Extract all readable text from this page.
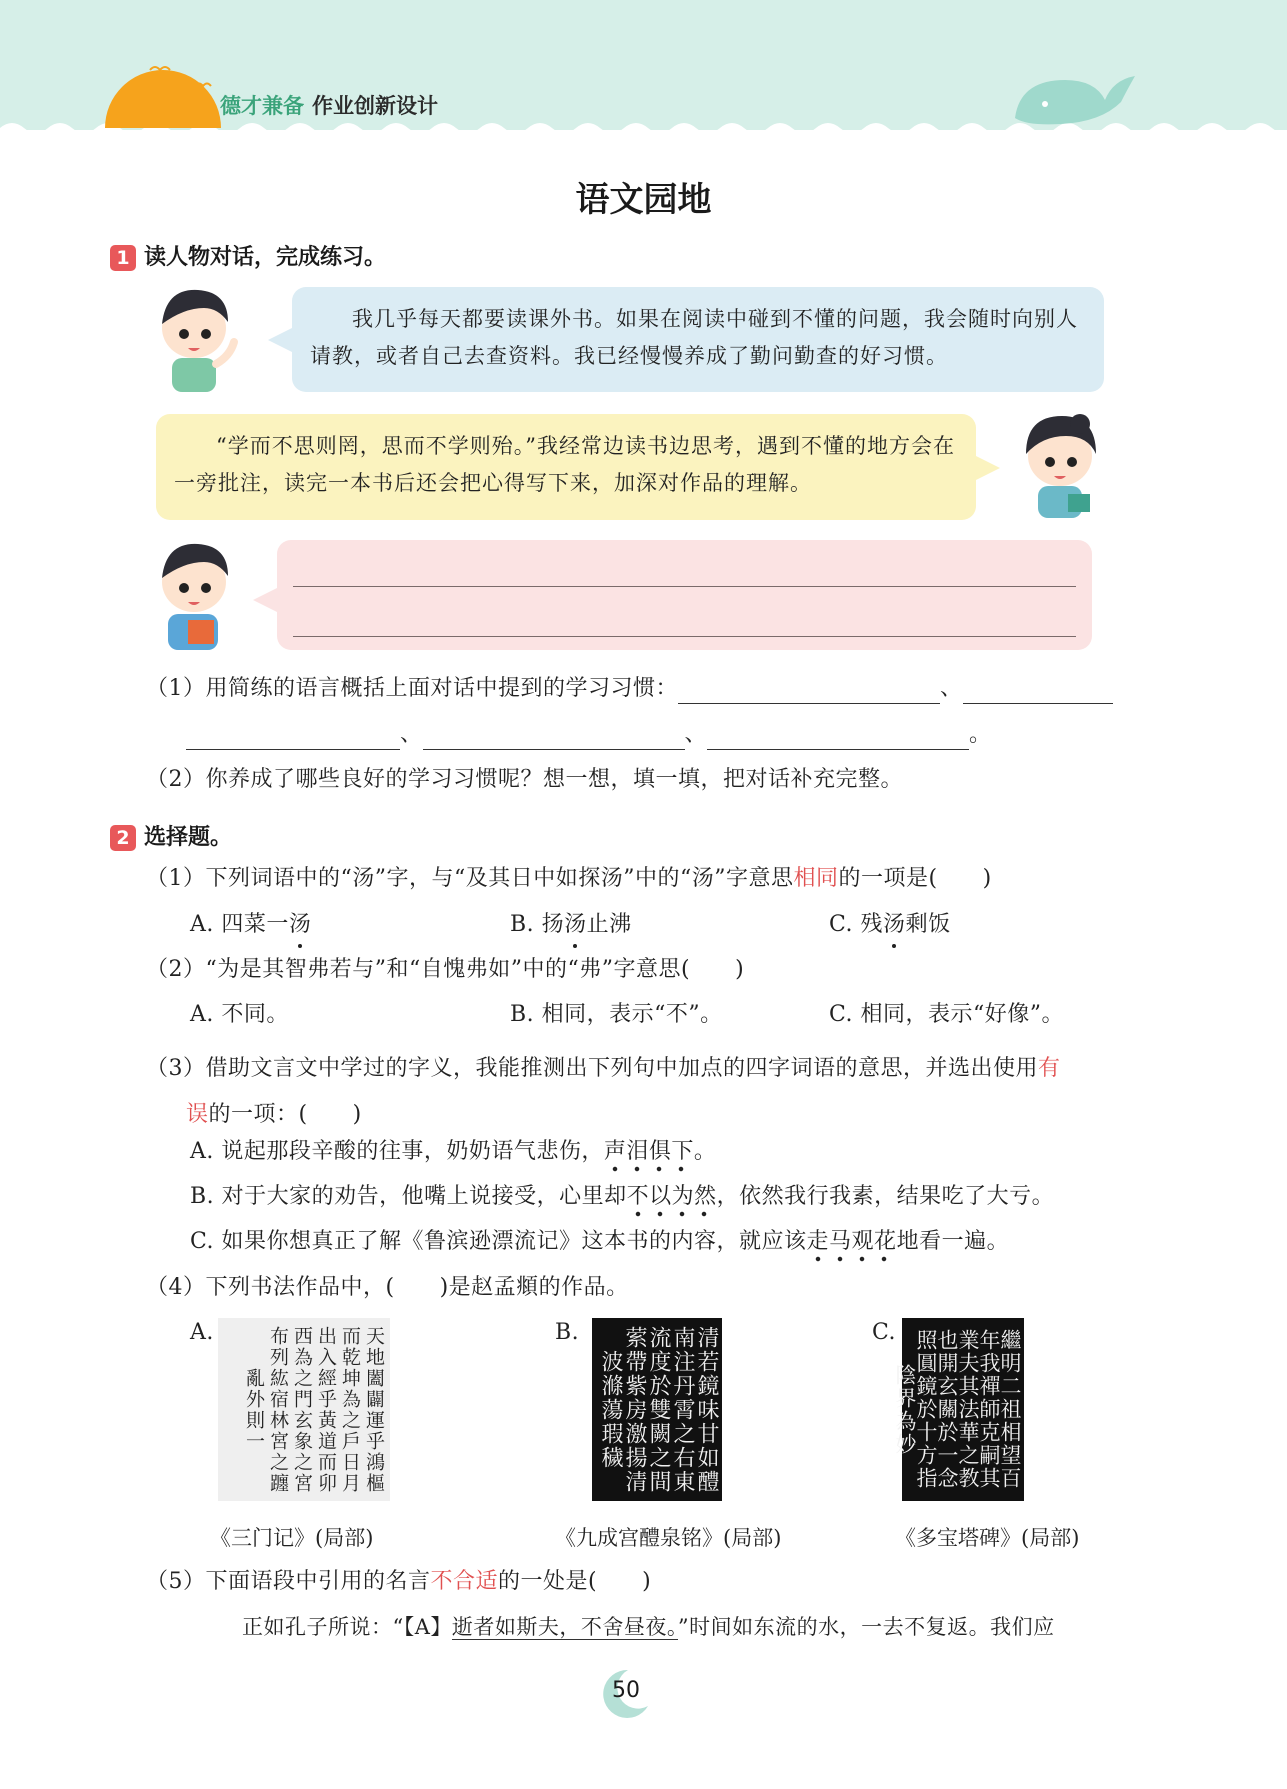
德才兼备 作业创新设计
语文园地
1 读人物对话，完成练习。
我几乎每天都要读课外书。如果在阅读中碰到不懂的问题，我会随时向别人请教，或者自己去查资料。我已经慢慢养成了勤问勤查的好习惯。
“学而不思则罔，思而不学则殆。”我经常边读书边思考，遇到不懂的地方会在一旁批注，读完一本书后还会把心得写下来，加深对作品的理解。
（1）用简练的语言概括上面对话中提到的学习习惯：	、
、	、	。
（2）你养成了哪些良好的学习习惯呢？想一想，填一填，把对话补充完整。
2 选择题。
（1）下列词语中的“汤”字，与“及其日中如探汤”中的“汤”字意思相同的一项是(　　)
A. 四菜一汤	B. 扬汤止沸	C. 残汤剩饭
（2）“为是其智弗若与”和“自愧弗如”中的“弗”字意思(　　)
A. 不同。	B. 相同，表示“不”。	C. 相同，表示“好像”。
（3）借助文言文中学过的字义，我能推测出下列句中加点的四字词语的意思，并选出使用有
误的一项：(　　)
A. 说起那段辛酸的往事，奶奶语气悲伤，声泪俱下。
B. 对于大家的劝告，他嘴上说接受，心里却不以为然，依然我行我素，结果吃了大亏。
C. 如果你想真正了解《鲁滨逊漂流记》这本书的内容，就应该走马观花地看一遍。
（4）下列书法作品中，(　　)是赵孟頫的作品。
A.	天地闔闢運乎鴻樞而乾坤為之戶日月出入經乎黃道而卯西為之門玄象之宮布列紘宿林宮之躔亂外則一
B.	清若鏡味甘如醴南注丹霄之右東流度於雙闕之間萦帶紫房激揚清波滌蕩瑕穢
C.	繼明二祖相望百年我禪師克嗣其業夫其法華之教也開玄關於一念照圓鏡於十方指陰界為妙
《三门记》(局部)	《九成宫醴泉铭》(局部)	《多宝塔碑》(局部)
（5）下面语段中引用的名言不合适的一处是(　　)
正如孔子所说：“【A】逝者如斯夫，不舍昼夜。”时间如东流的水，一去不复返。我们应
50
